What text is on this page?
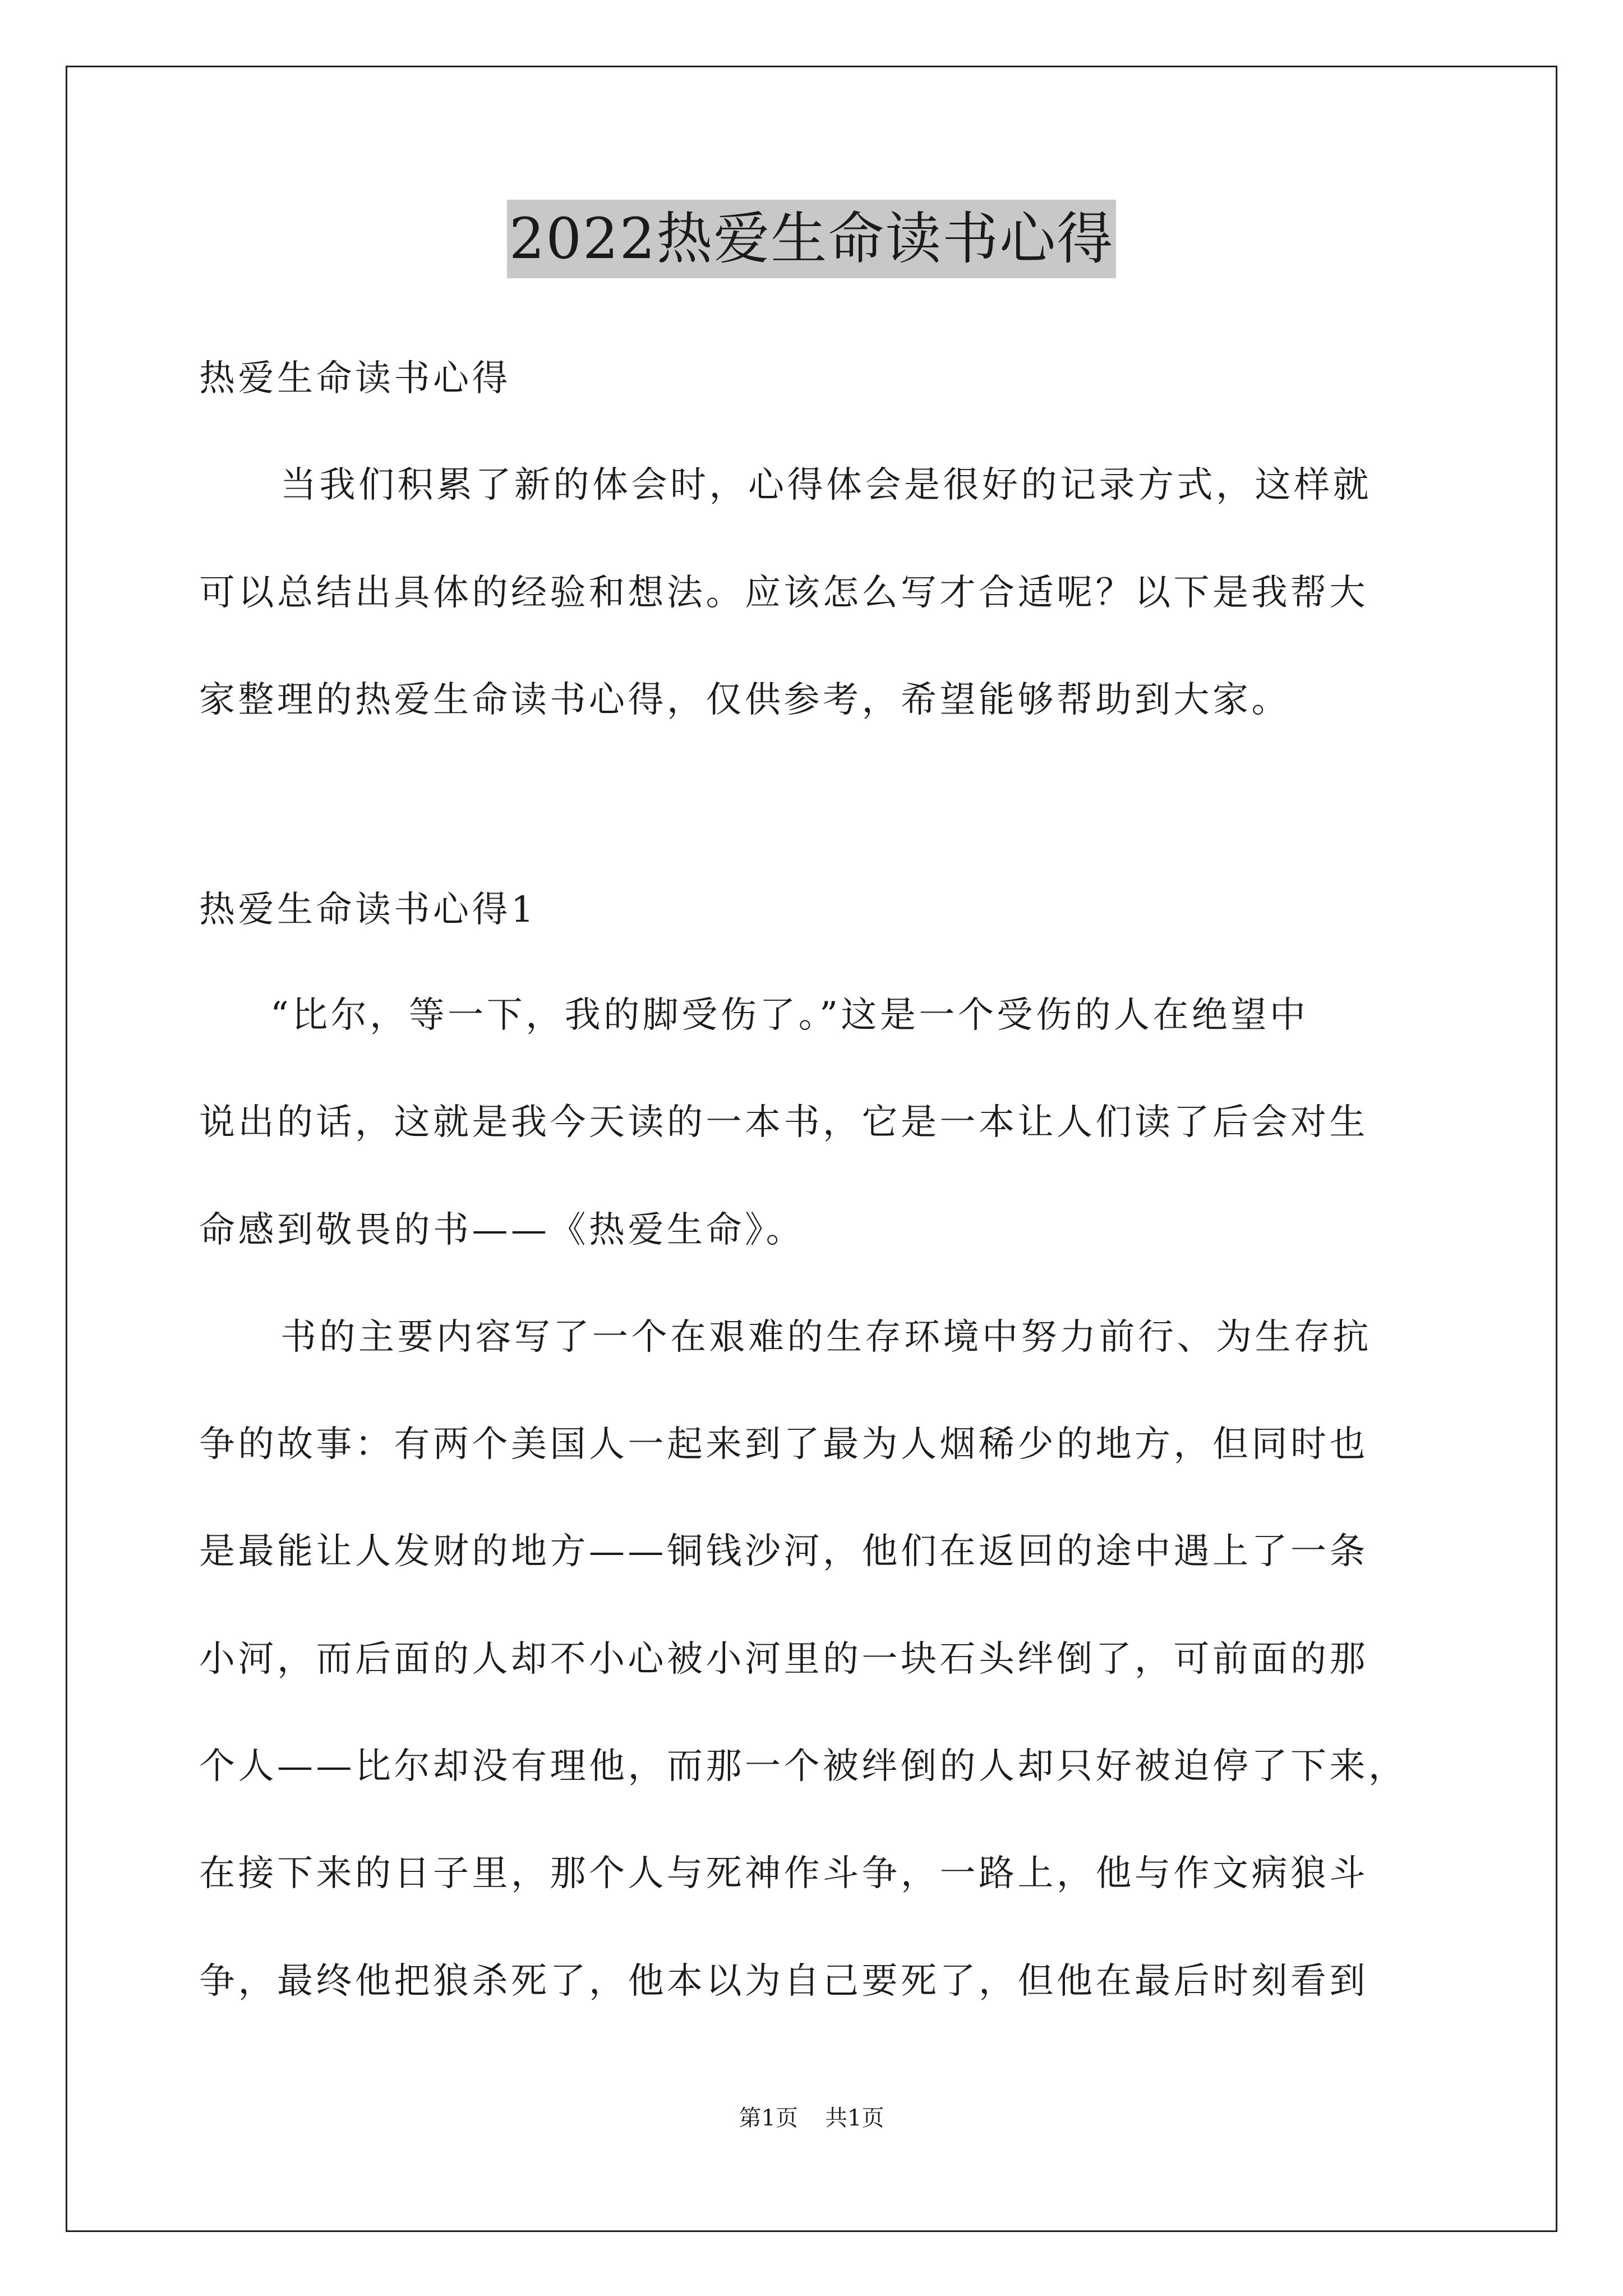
2022热爱生命读书心得
热爱生命读书心得
当我们积累了新的体会时，心得体会是很好的记录方式，这样就
可以总结出具体的经验和想法。应该怎么写才合适呢？以下是我帮大
家整理的热爱生命读书心得，仅供参考，希望能够帮助到大家。
热爱生命读书心得1
“比尔，等一下，我的脚受伤了。”这是一个受伤的人在绝望中
说出的话，这就是我今天读的一本书，它是一本让人们读了后会对生
命感到敬畏的书——《热爱生命》。
书的主要内容写了一个在艰难的生存环境中努力前行、为生存抗
争的故事：有两个美国人一起来到了最为人烟稀少的地方，但同时也
是最能让人发财的地方——铜钱沙河，他们在返回的途中遇上了一条
小河，而后面的人却不小心被小河里的一块石头绊倒了，可前面的那
个人——比尔却没有理他，而那一个被绊倒的人却只好被迫停了下来，
在接下来的日子里，那个人与死神作斗争，一路上，他与作文病狼斗
争，最终他把狼杀死了，他本以为自己要死了，但他在最后时刻看到
第1页 共1页
